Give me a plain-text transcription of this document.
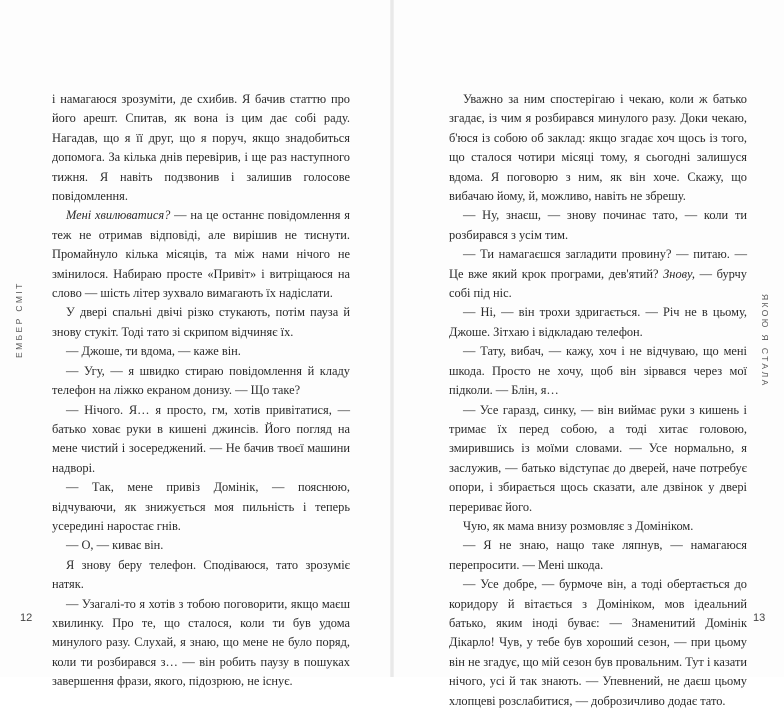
ЕМБЕР СМІТ	ЯКОЮ Я СТАЛА

і намагаюся зрозуміти, де схибив. Я бачив статтю про його арешт. Спитав, як вона із цим дає собі раду. Нагадав, що я її друг, що я поруч, якщо знадобиться допомога. За кілька днів перевірив, і ще раз наступного тижня. Я навіть подзвонив і залишив голосове повідомлення.

Мені хвилюватися? — на це останнє повідомлення я теж не отримав відповіді, але вирішив не тиснути. Промайнуло кілька місяців, та між нами нічого не змінилося. Набираю просте «Привіт» і витріщаюся на слово — шість літер зухвало вимагають їх надіслати.

У двері спальні двічі різко стукають, потім пауза й знову стукіт. Тоді тато зі скрипом відчиняє їх.

— Джоше, ти вдома, — каже він.

— Угу, — я швидко стираю повідомлення й кладу телефон на ліжко екраном донизу. — Що таке?

— Нічого. Я… я просто, гм, хотів привітатися, — батько ховає руки в кишені джинсів. Його погляд на мене чистий і зосереджений. — Не бачив твоєї машини надворі.

— Так, мене привіз Домінік, — пояснюю, відчуваючи, як знижується моя пильність і теперь усередині наростає гнів.

— О, — киває він.

Я знову беру телефон. Сподіваюся, тато зрозуміє натяк.

— Узагалі-то я хотів з тобою поговорити, якщо маєш хвилинку. Про те, що сталося, коли ти був удома минулого разу. Слухай, я знаю, що мене не було поряд, коли ти розбирався з… — він робить паузу в пошуках завершення фрази, якого, підозрюю, не існує.

Уважно за ним спостерігаю і чекаю, коли ж батько згадає, із чим я розбирався минулого разу. Доки чекаю, б'юся із собою об заклад: якщо згадає хоч щось із того, що сталося чотири місяці тому, я сьогодні залишуся вдома. Я поговорю з ним, як він хоче. Скажу, що вибачаю йому, й, можливо, навіть не збрешу.

— Ну, знаєш, — знову починає тато, — коли ти розбирався з усім тим.

— Ти намагаєшся загладити провину? — питаю. — Це вже який крок програми, дев'ятий? Знову, — бурчу собі під ніс.

— Ні, — він трохи здригається. — Річ не в цьому, Джоше. Зітхаю і відкладаю телефон.

— Тату, вибач, — кажу, хоч і не відчуваю, що мені шкода. Просто не хочу, щоб він зірвався через мої підколи. — Блін, я…

— Усе гаразд, синку, — він виймає руки з кишень і тримає їх перед собою, а тоді хитає головою, змирившись із моїми словами. — Усе нормально, я заслужив, — батько відступає до дверей, наче потребує опори, і збирається щось сказати, але дзвінок у двері перериває його.

Чую, як мама внизу розмовляє з Домініком.

— Я не знаю, нащо таке ляпнув, — намагаюся перепросити. — Мені шкода.

— Усе добре, — бурмоче він, а тоді обертається до коридору й вітається з Домініком, мов ідеальний батько, яким іноді буває: — Знаменитий Домінік Дікарло! Чув, у тебе був хороший сезон, — при цьому він не згадує, що мій сезон був провальним. Тут і казати нічого, усі й так знають. — Упевнений, не даєш цьому хлопцеві розслабитися, — доброзичливо додає тато.

12	13
